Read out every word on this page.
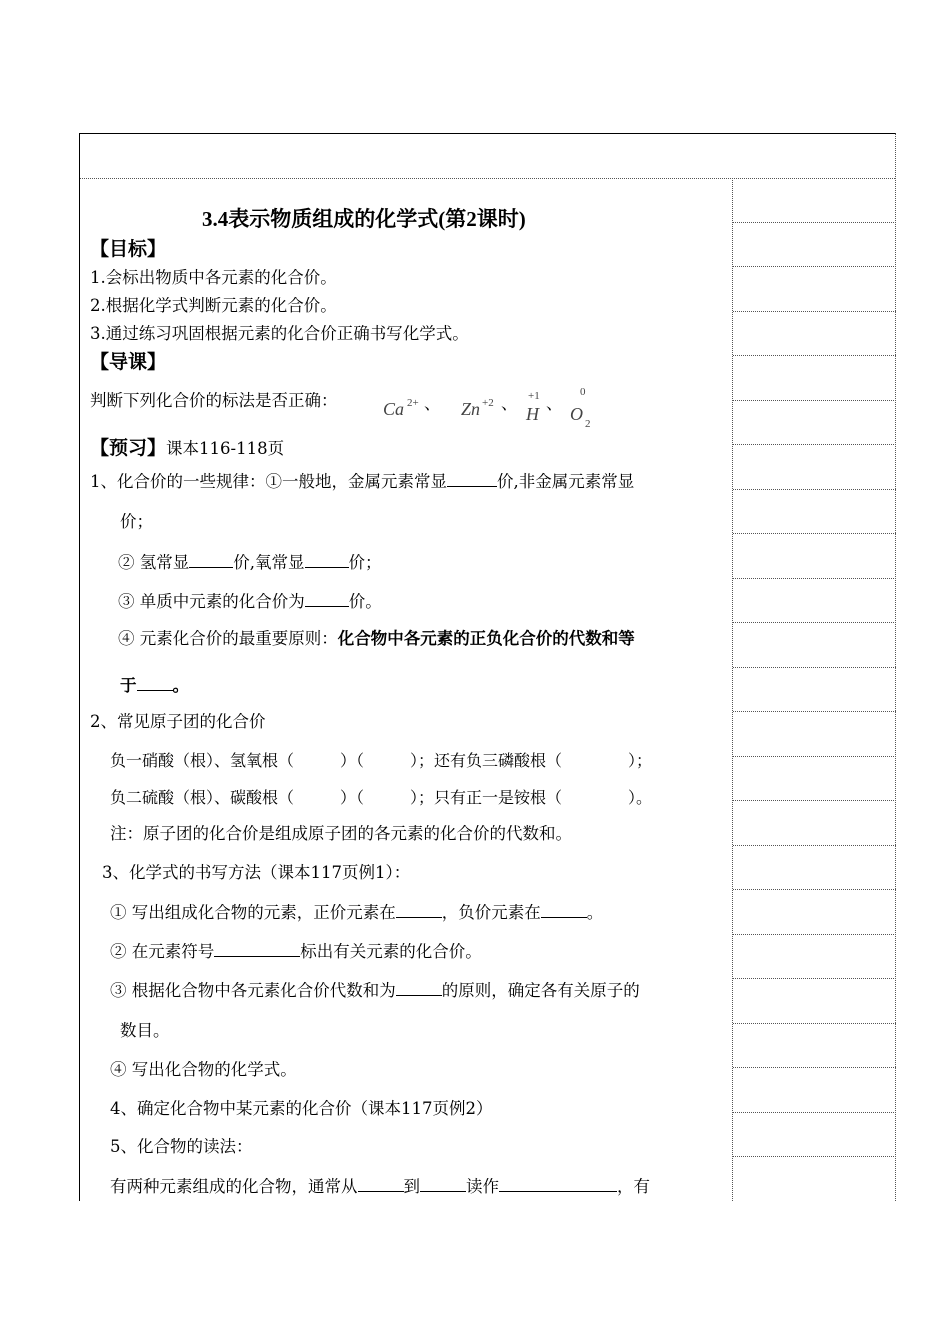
3.4表示物质组成的化学式(第2课时)
【目标】
1.会标出物质中各元素的化合价。
2.根据化学式判断元素的化合价。
3.通过练习巩固根据元素的化合价正确书写化学式。
【导课】
判断下列化合价的标法是否正确：	Ca 2+ 、 Zn +2 、 +1
H
、
0
O 2
【预习】课本116-118页
1、化合价的一些规律：①一般地，金属元素常显	价,非金属元素常显
价；
② 氢常显	价,氧常显	价；
③ 单质中元素的化合价为	价。
④ 元素化合价的最重要原则：化合物中各元素的正负化合价的代数和等
于 。
2、常见原子团的化合价
负一硝酸（根）、氢氧根（	）（	）；还有负三磷酸根（	）；
负二硫酸（根）、碳酸根（	）（	）；只有正一是铵根（	）。
注：原子团的化合价是组成原子团的各元素的化合价的代数和。
3、化学式的书写方法（课本117页例1）：
① 写出组成化合物的元素，正价元素在	，负价元素在	。
② 在元素符号	标出有关元素的化合价。
③ 根据化合物中各元素化合价代数和为	的原则，确定各有关原子的
数目。
④ 写出化合物的化学式。
4、确定化合物中某元素的化合价（课本117页例2）
5、化合物的读法：
有两种元素组成的化合物，通常从	到	读作	，有
